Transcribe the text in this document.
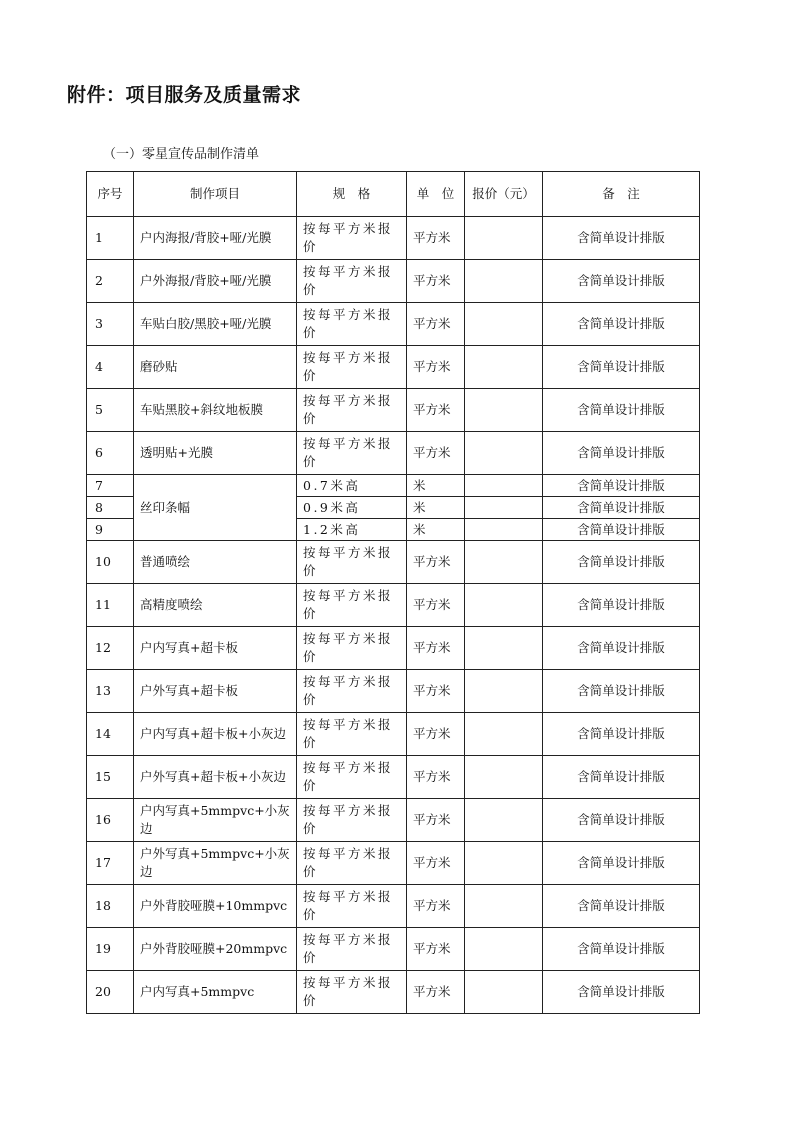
附件：项目服务及质量需求
（一）零星宣传品制作清单
序号	制作项目	规　格	单　位	报价（元）	备　注
1	户内海报/背胶+哑/光膜	按每平方米报价	平方米		含简单设计排版
2	户外海报/背胶+哑/光膜	按每平方米报价	平方米		含简单设计排版
3	车贴白胶/黑胶+哑/光膜	按每平方米报价	平方米		含简单设计排版
4	磨砂贴	按每平方米报价	平方米		含简单设计排版
5	车贴黑胶+斜纹地板膜	按每平方米报价	平方米		含简单设计排版
6	透明贴+光膜	按每平方米报价	平方米		含简单设计排版
7	丝印条幅	0.7米高	米		含简单设计排版
8		0.9米高	米		含简单设计排版
9		1.2米高	米		含简单设计排版
10	普通喷绘	按每平方米报价	平方米		含简单设计排版
11	高精度喷绘	按每平方米报价	平方米		含简单设计排版
12	户内写真+超卡板	按每平方米报价	平方米		含简单设计排版
13	户外写真+超卡板	按每平方米报价	平方米		含简单设计排版
14	户内写真+超卡板+小灰边	按每平方米报价	平方米		含简单设计排版
15	户外写真+超卡板+小灰边	按每平方米报价	平方米		含简单设计排版
16	户内写真+5mmpvc+小灰边	按每平方米报价	平方米		含简单设计排版
17	户外写真+5mmpvc+小灰边	按每平方米报价	平方米		含简单设计排版
18	户外背胶哑膜+10mmpvc	按每平方米报价	平方米		含简单设计排版
19	户外背胶哑膜+20mmpvc	按每平方米报价	平方米		含简单设计排版
20	户内写真+5mmpvc	按每平方米报价	平方米		含简单设计排版
